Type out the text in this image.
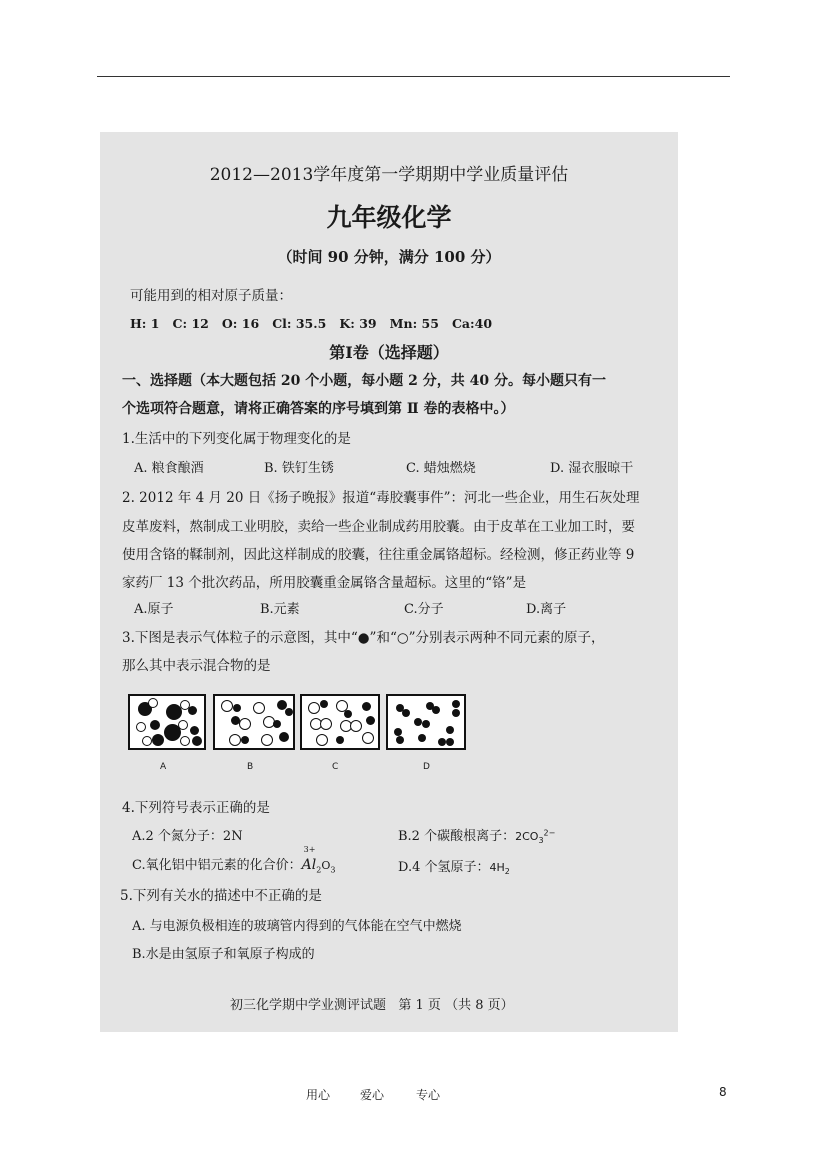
2012—2013学年度第一学期期中学业质量评估
九年级化学
（时间 90 分钟，满分 100 分）
可能用到的相对原子质量：
H: 1   C: 12   O: 16   Cl: 35.5   K: 39   Mn: 55   Ca:40
第Ⅰ卷（选择题）
一、选择题（本大题包括 20 个小题，每小题 2 分，共 40 分。每小题只有一
个选项符合题意，请将正确答案的序号填到第 Ⅱ 卷的表格中。）
1.生活中的下列变化属于物理变化的是
A. 粮食酿酒	B. 铁钉生锈	C. 蜡烛燃烧	D. 湿衣服晾干
2. 2012 年 4 月 20 日《扬子晚报》报道“毒胶囊事件”：河北一些企业，用生石灰处理
皮革废料，熬制成工业明胶，卖给一些企业制成药用胶囊。由于皮革在工业加工时，要
使用含铬的鞣制剂，因此这样制成的胶囊，往往重金属铬超标。经检测，修正药业等 9
家药厂 13 个批次药品，所用胶囊重金属铬含量超标。这里的“铬”是
A.原子	B.元素	C.分子	D.离子
3.下图是表示气体粒子的示意图，其中“●”和“○”分别表示两种不同元素的原子，
那么其中表示混合物的是
A	B	C	D
4.下列符号表示正确的是
A.2 个氮分子：2N	B.2 个碳酸根离子：$2CO_3^{2-}$
C.氧化铝中铝元素的化合价：
3+
$Al_2O_3$	D.4 个氢原子：$4H_2$
5.下列有关水的描述中不正确的是
A. 与电源负极相连的玻璃管内得到的气体能在空气中燃烧
B.水是由氢原子和氧原子构成的
初三化学期中学业测评试题   第 1 页 （共 8 页）
用心 爱心	专心	8
